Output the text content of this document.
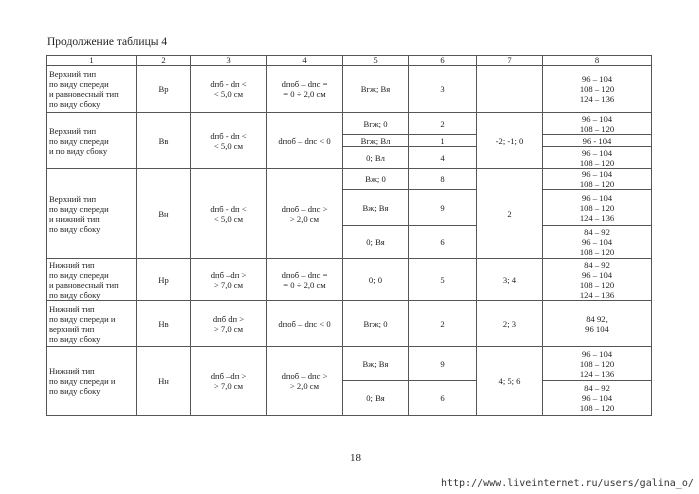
Продолжение таблицы 4
1	2	3	4	5	6	7	8

Верхний тип
по виду спереди
и равновесный тип
по виду сбоку	Вр	dпб - dп <
< 5,0 см	dпоб – dпс =
= 0 ÷ 2,0 см	Вгж; Вя	3		96 – 104
108 – 120
124 – 136

Верхний тип
по виду спереди
и по виду сбоку	Вв	dпб - dп <
< 5,0 см	dпоб – dпс < 0	Вгж; 0	2	-2; -1; 0	96 – 104
108 – 120

				Вгж; Вл	1		96 - 104
				0; Вл	4		96 – 104
108 – 120

Верхний тип
по виду спереди
и нижний тип
по виду сбоку	Вн	dпб - dп <
< 5,0 см	dпоб – dпс >
> 2,0 см	Вж; 0	8	2	96 – 104
108 – 120

				Вж; Вя	9		96 – 104
108 – 120
124 – 136

				0; Вя	6		84 – 92
96 – 104
108 – 120

Нижний тип
по виду спереди
и равновесный тип
по виду сбоку	Нр	dпб –dп >
> 7,0 см	dпоб – dпс =
= 0 ÷ 2,0 см	0; 0	5	3; 4	84 – 92
96 – 104
108 – 120
124 – 136

Нижний тип
по виду спереди и
верхний тип
по виду сбоку	Нв	dпб dп >
> 7,0 см	dпоб – dпс < 0	Вгж; 0	2	2; 3	84 92,
96 104

Нижний тип
по виду спереди и
по виду сбоку	Нн	dпб –dп >
> 7,0 см	dпоб – dпс >
> 2,0 см	Вж; Вя	9	4; 5; 6	96 – 104
108 – 120
124 – 136

				0; Вя	6		84 – 92
96 – 104
108 – 120
18
http://www.liveinternet.ru/users/galina_o/
